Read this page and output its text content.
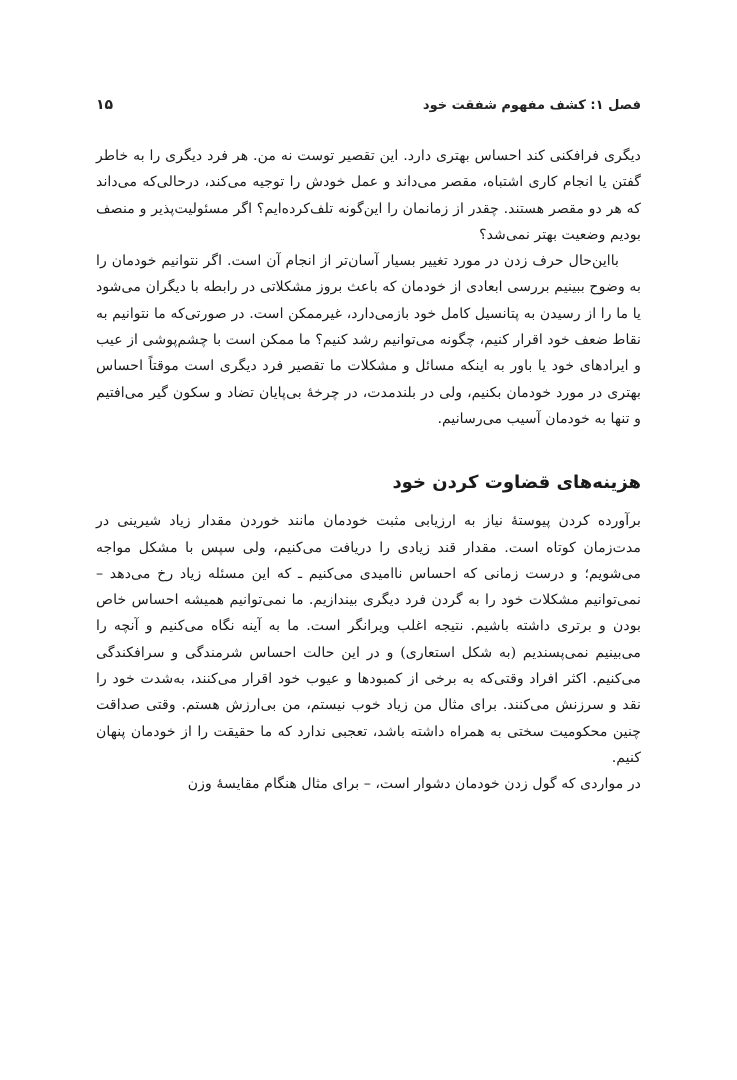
فصل ۱: کشف مفهوم شفقت خود
۱۵

دیگری فرافکنی کند احساس بهتری دارد. این تقصیر توست نه من. هر فرد دیگری را به خاطر گفتن یا انجام کاری اشتباه، مقصر می‌داند و عمل خودش را توجیه می‌کند، درحالی‌که می‌داند که هر دو مقصر هستند. چقدر از زمانمان را این‌گونه تلف‌کرده‌ایم؟ اگر مسئولیت‌پذیر و منصف بودیم وضعیت بهتر نمی‌شد؟

بااین‌حال حرف زدن در مورد تغییر بسیار آسان‌تر از انجام آن است. اگر نتوانیم خودمان را به وضوح ببینیم بررسی ابعادی از خودمان که باعث بروز مشکلاتی در رابطه با دیگران می‌شود یا ما را از رسیدن به پتانسیل کامل خود بازمی‌دارد، غیرممکن است. در صورتی‌که ما نتوانیم به نقاط ضعف خود اقرار کنیم، چگونه می‌توانیم رشد کنیم؟ ما ممکن است با چشم‌پوشی از عیب و ایرادهای خود یا باور به اینکه مسائل و مشکلات ما تقصیر فرد دیگری است موقتاً احساس بهتری در مورد خودمان بکنیم، ولی در بلندمدت، در چرخهٔ بی‌پایان تضاد و سکون گیر می‌افتیم و تنها به خودمان آسیب می‌رسانیم.

هزینه‌های قضاوت کردن خود

برآورده کردن پیوستهٔ نیاز به ارزیابی مثبت خودمان مانند خوردن مقدار زیاد شیرینی در مدت‌زمان کوتاه است. مقدار قند زیادی را دریافت می‌کنیم، ولی سپس با مشکل مواجه می‌شویم؛ و درست زمانی که احساس ناامیدی می‌کنیم ـ که این مسئله زیاد رخ می‌دهد – نمی‌توانیم مشکلات خود را به گردن فرد دیگری بیندازیم. ما نمی‌توانیم همیشه احساس خاص بودن و برتری داشته باشیم. نتیجه اغلب ویرانگر است. ما به آینه نگاه می‌کنیم و آنچه را می‌بینیم نمی‌پسندیم (به شکل استعاری) و در این حالت احساس شرمندگی و سرافکندگی می‌کنیم. اکثر افراد وقتی‌که به برخی از کمبودها و عیوب خود اقرار می‌کنند، به‌شدت خود را نقد و سرزنش می‌کنند. برای مثال من زیاد خوب نیستم، من بی‌ارزش هستم. وقتی صداقت چنین محکومیت سختی به همراه داشته باشد، تعجبی ندارد که ما حقیقت را از خودمان پنهان کنیم.

در مواردی که گول زدن خودمان دشوار است، – برای مثال هنگام مقایسهٔ وزن
